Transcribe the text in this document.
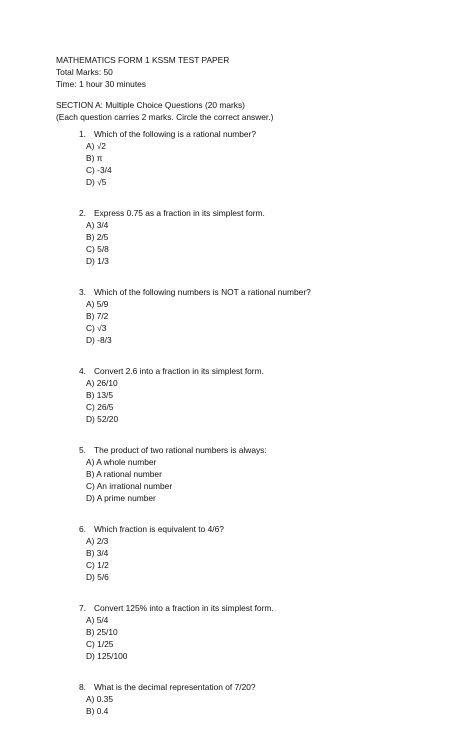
MATHEMATICS FORM 1 KSSM TEST PAPER
Total Marks: 50
Time: 1 hour 30 minutes
SECTION A: Multiple Choice Questions (20 marks)
(Each question carries 2 marks. Circle the correct answer.)
1. Which of the following is a rational number?
A) √2
B) π
C) -3/4
D) √5
2. Express 0.75 as a fraction in its simplest form.
A) 3/4
B) 2/5
C) 5/8
D) 1/3
3. Which of the following numbers is NOT a rational number?
A) 5/9
B) 7/2
C) √3
D) -8/3
4. Convert 2.6 into a fraction in its simplest form.
A) 26/10
B) 13/5
C) 26/5
D) 52/20
5. The product of two rational numbers is always:
A) A whole number
B) A rational number
C) An irrational number
D) A prime number
6. Which fraction is equivalent to 4/6?
A) 2/3
B) 3/4
C) 1/2
D) 5/6
7. Convert 125% into a fraction in its simplest form.
A) 5/4
B) 25/10
C) 1/25
D) 125/100
8. What is the decimal representation of 7/20?
A) 0.35
B) 0.4
